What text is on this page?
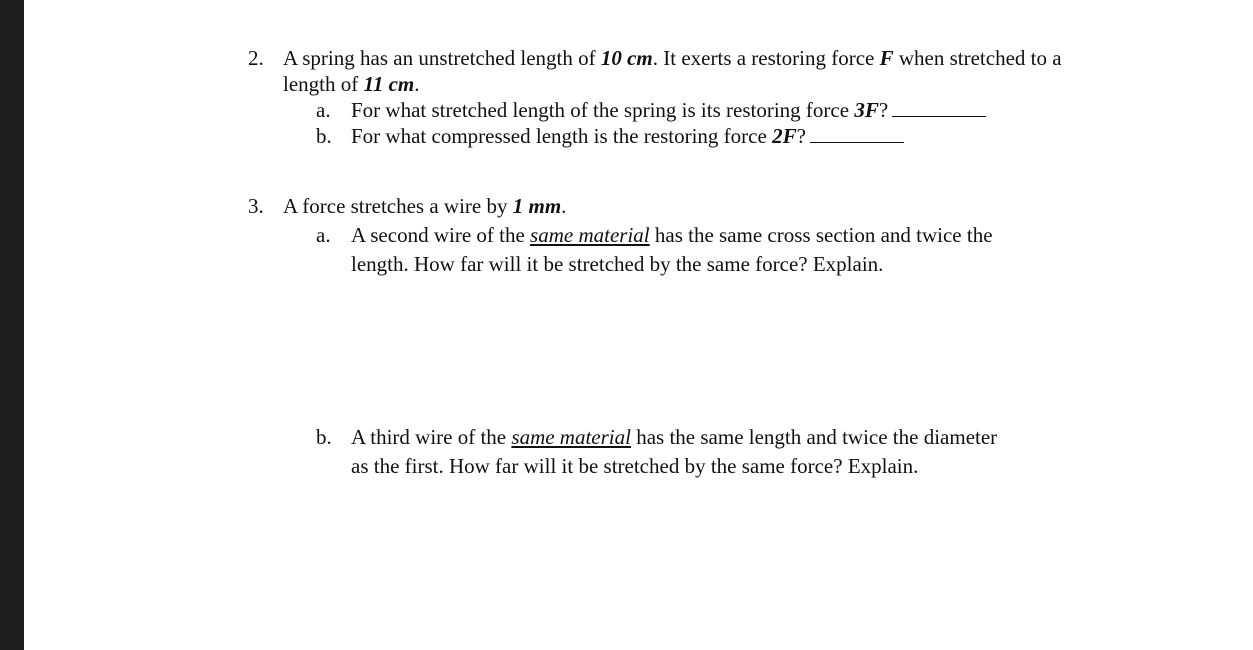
2. A spring has an unstretched length of 10 cm. It exerts a restoring force F when stretched to a
length of 11 cm.
a. For what stretched length of the spring is its restoring force 3F?
b. For what compressed length is the restoring force 2F?
3. A force stretches a wire by 1 mm.
a. A second wire of the same material has the same cross section and twice the
length. How far will it be stretched by the same force? Explain.
b. A third wire of the same material has the same length and twice the diameter
as the first. How far will it be stretched by the same force? Explain.
